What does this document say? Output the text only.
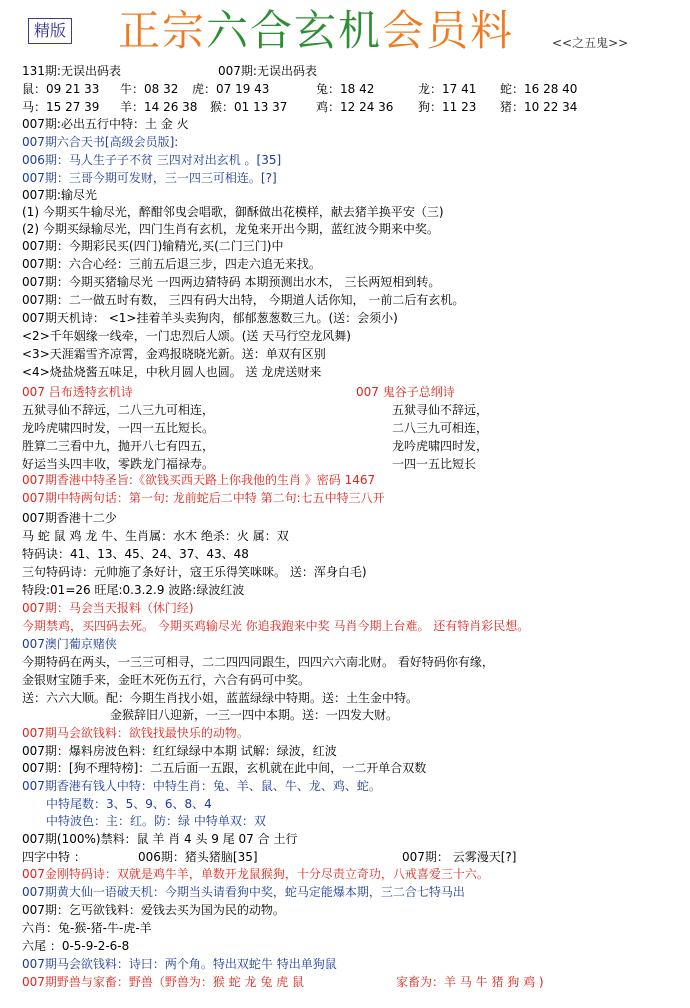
精版 正宗六合玄机会员料	<<之五鬼>>
131期:无误出码表	007期:无误出码表
鼠：09 21 33 牛：08 32 虎：07 19 43	兔：18 42	龙：17 41 蛇：16 28 40
马：15 27 39 羊：14 26 38 猴：01 13 37 鸡：12 24 36 狗：11 23 猪：10 22 34
007期:必出五行中特：土 金 火
007期六合天书[高级会员版]:
006期：马人生子子不贫 三四对对出玄机 。[35]
007期：三哥今期可发财，三一四三可相连。[?]
007期:输尽光
(1) 今期买牛输尽光，醉酣邻曳会唱歌，御酥做出花模样，献去猪羊换平安（三)
(2) 今期买绿输尽光，四门生肖有玄机，龙兔来开出今期，蓝红波今期来中奖。
007期：今期彩民买(四门)输精光,买(二门三门)中
007期：六合心经：三前五后退三步，四走六追无来找。
007期：今期买猪输尽光 一四两边猜特码 本期预测出水木， 三长两短相到转。
007期：二一做五时有数， 三四有码大出特， 今期道人话你知， 一前二后有玄机。
007期天机诗： <1>挂着羊头卖狗肉，郁郁葱葱数三九。(送：会须小)
<2>千年姻缘一线牵，一门忠烈后人颂。(送 天马行空龙风舞)
<3>天涯霜雪齐凉霄，金鸡报晓晓光新。送：单双有区别
<4>烧盐烧酱五味足，中秋月圆人也圆。 送 龙虎送财来
007 吕布透特玄机诗	007 鬼谷子总纲诗
五狱寻仙不辞远，二八三九可相连，	五狱寻仙不辞远，
龙吟虎啸四时发，一四一五比短长。	二八三九可相连，
胜算二三看中九，抛开八七有四五，	龙吟虎啸四时发，
好运当头四丰收，零跌龙门福禄寿。	一四一五比短长
007期香港中特圣旨:《欲钱买西天路上你我他的生肖 》密码 1467
007期中特两句话：第一句: 龙前蛇后二中特 第二句:七五中特三八开
007期香港十二少
马 蛇 鼠 鸡 龙 牛、生肖属：水木 绝杀：火 属：双
特码诀：41、13、45、24、37、43、48
三句特码诗：元帅施了条好计，寇王乐得笑咪咪。 送：浑身白毛)
特段:01=26 旺尾:0.3.2.9 波路:绿波红波
007期：马会当天报料（休门经)
今期禁鸡，买四码去死。 今期买鸡输尽光 你追我跑来中奖 马肖今期上台难。 还有特肖彩民想。
007澳门葡京赌侠
今期特码在两头，一三三可相寻，二二四四同跟生，四四六六南北财。 看好特码你有缘，
金银财宝随手来，金旺木死伤五行，六合有码可中奖。
送：六六大顺。配：今期生肖找小姐，蓝蓝绿绿中特期。送：土生金中特。
金猴辞旧八迎新，一三一四中本期。送：一四发大财。
007期马会欲钱料：欲钱找最快乐的动物。
007期：爆料房波色料：红红绿绿中本期 试解：绿波，红波
007期：[狗不理特榜]：二五后面一五跟，玄机就在此中间，一二开单合双数
007期香港有钱人中特：中特生肖：兔、羊、鼠、牛、龙、鸡、蛇。
中特尾数：3、5、9、6、8、4
中特波色：主：红。防：绿 中特单双：双
007期(100%)禁料：鼠 羊 肖 4 头 9 尾 07 合 土行
四字中特 ：	006期：猪头猪脑[35]	007期： 云雾漫天[?]
007金刚特码诗：双就是鸡牛羊，单数开龙鼠猴狗，十分尽责立奇功，八戒喜爱三十六。
007期黄大仙一语破天机：今期当头请看狗中奖，蛇马定能爆本期，三二合七特马出
007期：乞丐欲钱料：爱钱去买为国为民的动物。
六肖：兔-猴-猪-牛-虎-羊
六尾 ：0-5-9-2-6-8
007期马会欲钱料：诗曰：两个角。特出双蛇牛 特出单狗鼠
007期野兽与家畜：野兽（野兽为：猴 蛇 龙 兔 虎 鼠	家畜为：羊 马 牛 猪 狗 鸡 )
